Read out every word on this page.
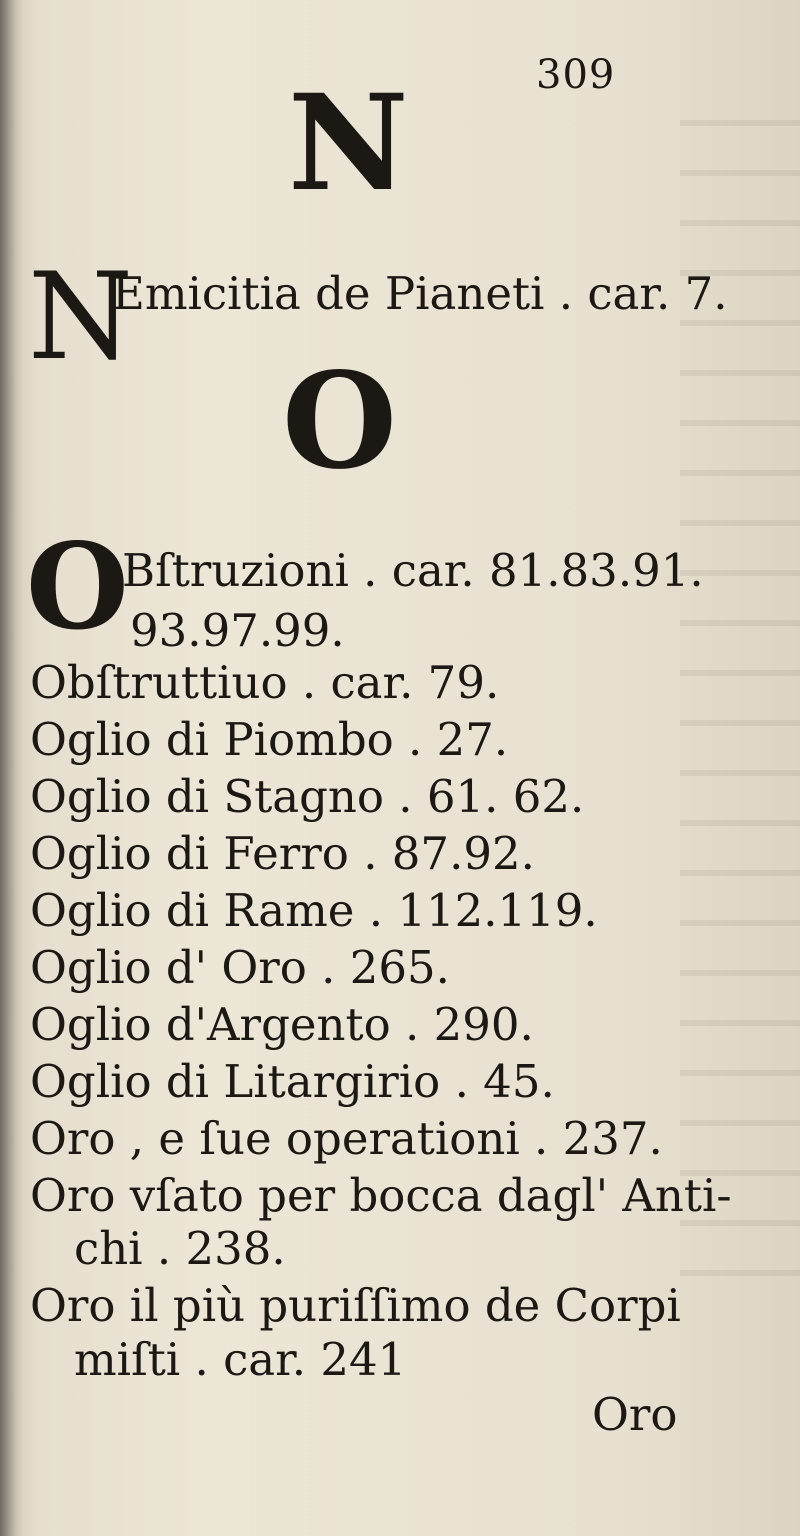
309
N
N
Emicitia de Pianeti . car. 7.
O
O
Bſtruzioni . car. 81.83.91.
93.97.99.
Obſtruttiuo . car. 79.
Oglio di Piombo . 27.
Oglio di Stagno . 61. 62.
Oglio di Ferro . 87.92.
Oglio di Rame . 112.119.
Oglio d' Oro . 265.
Oglio d'Argento . 290.
Oglio di Litargirio . 45.
Oro , e ſue operationi . 237.
Oro vſato per bocca dagl' Anti-
chi . 238.
Oro il più puriſſimo de Corpi
miſti . car. 241
Oro
